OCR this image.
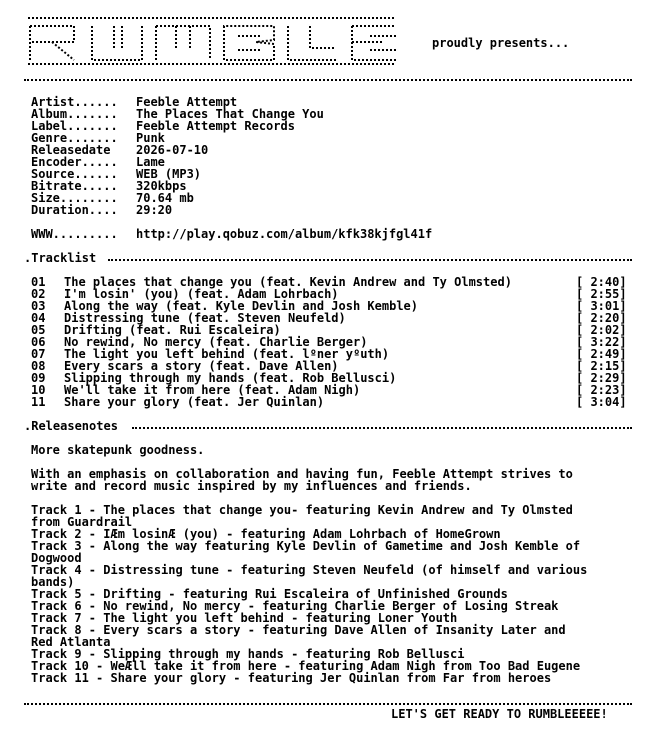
proudly presents...
Artist......	Feeble Attempt
Album.......	The Places That Change You
Label.......	Feeble Attempt Records
Genre.......	Punk
Releasedate	2026-07-10
Encoder.....	Lame
Source......	WEB (MP3)
Bitrate.....	320kbps
Size........	70.64 mb
Duration....	29:20
WWW.........	http://play.qobuz.com/album/kfk38kjfgl41f
.Tracklist
01 The places that change you (feat. Kevin Andrew and Ty Olmsted)	[ 2:40]
02 I'm losin' (you) (feat. Adam Lohrbach)	[ 2:55]
03 Along the way (feat. Kyle Devlin and Josh Kemble)	[ 3:01]
04 Distressing tune (feat. Steven Neufeld)	[ 2:20]
05 Drifting (feat. Rui Escaleira)	[ 2:02]
06 No rewind, No mercy (feat. Charlie Berger)	[ 3:22]
07 The light you left behind (feat. lºner yºuth)	[ 2:49]
08 Every scars a story (feat. Dave Allen)	[ 2:15]
09 Slipping through my hands (feat. Rob Bellusci)	[ 2:29]
10 We'll take it from here (feat. Adam Nigh)	[ 2:23]
11 Share your glory (feat. Jer Quinlan)	[ 3:04]
.Releasenotes
More skatepunk goodness.
With an emphasis on collaboration and having fun, Feeble Attempt strives to
write and record music inspired by my influences and friends.
Track 1 - The places that change you- featuring Kevin Andrew and Ty Olmsted
from Guardrail
Track 2 - IÆm losinÆ (you) - featuring Adam Lohrbach of HomeGrown
Track 3 - Along the way featuring Kyle Devlin of Gametime and Josh Kemble of
Dogwood
Track 4 - Distressing tune - featuring Steven Neufeld (of himself and various
bands)
Track 5 - Drifting - featuring Rui Escaleira of Unfinished Grounds
Track 6 - No rewind, No mercy - featuring Charlie Berger of Losing Streak
Track 7 - The light you left behind - featuring Loner Youth
Track 8 - Every scars a story - featuring Dave Allen of Insanity Later and
Red Atlanta
Track 9 - Slipping through my hands - featuring Rob Bellusci
Track 10 - WeÆll take it from here - featuring Adam Nigh from Too Bad Eugene
Track 11 - Share your glory - featuring Jer Quinlan from Far from heroes
LET'S GET READY TO RUMBLEEEEE!
